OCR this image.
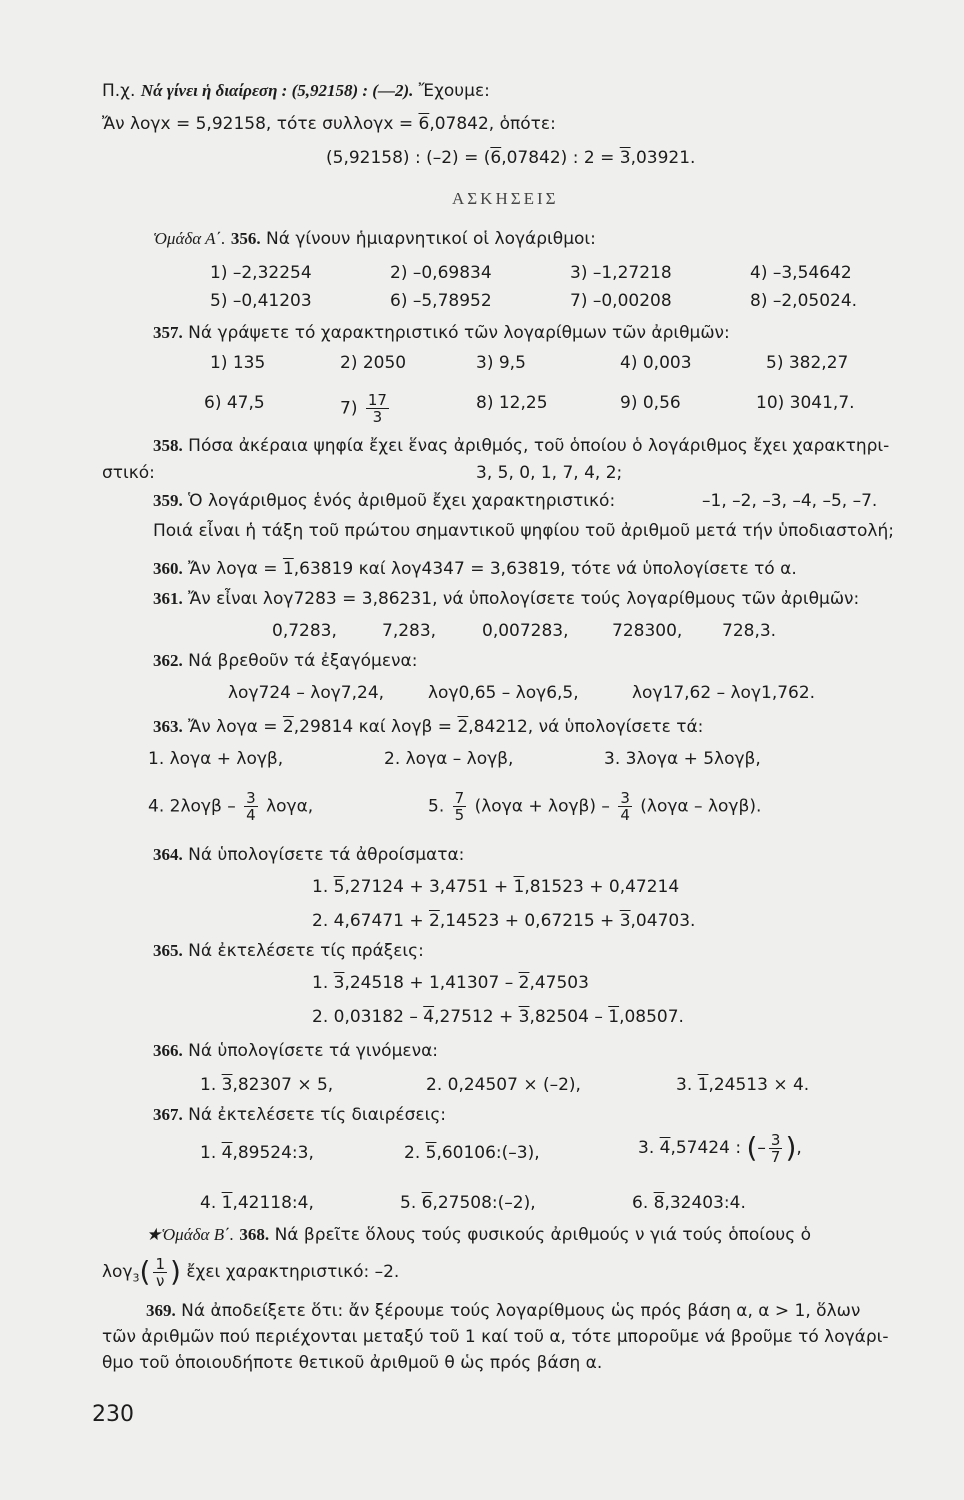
Π.χ. Νά γίνει ἡ διαίρεση : (5,92158) : (—2). Ἔχουμε:
Ἄν λογx = 5,92158, τότε συλλογx = 6,07842, ὁπότε:
(5,92158) : (–2) = (6,07842) : 2 = 3,03921.
ΑΣΚΗΣΕΙΣ
Ὁμάδα Α΄. 356. Νά γίνουν ἡμιαρνητικοί οἱ λογάριθμοι:
1) –2,32254	2) –0,69834	3) –1,27218	4) –3,54642
5) –0,41203	6) –5,78952	7) –0,00208	8) –2,05024.
357. Νά γράψετε τό χαρακτηριστικό τῶν λογαρίθμων τῶν ἀριθμῶν:
1) 135	2) 2050	3) 9,5	4) 0,003	5) 382,27
6) 47,5	$7) \frac{17}{3}$	8) 12,25	9) 0,56	10) 3041,7.
358. Πόσα ἀκέραια ψηφία ἔχει ἕνας ἀριθμός, τοῦ ὁποίου ὁ λογάριθμος ἔχει χαρακτηρι-
στικό:	3, 5, 0, 1, 7, 4, 2;
359. Ὁ λογάριθμος ἑνός ἀριθμοῦ ἔχει χαρακτηριστικό:	–1, –2, –3, –4, –5, –7.
Ποιά εἶναι ἡ τάξη τοῦ πρώτου σημαντικοῦ ψηφίου τοῦ ἀριθμοῦ μετά τήν ὑποδιαστολή;
360. Ἄν λογα = 1,63819 καί λογ4347 = 3,63819, τότε νά ὑπολογίσετε τό α.
361. Ἄν εἶναι λογ7283 = 3,86231, νά ὑπολογίσετε τούς λογαρίθμους τῶν ἀριθμῶν:
0,7283,	7,283,	0,007283,	728300, 728,3.
362. Νά βρεθοῦν τά ἐξαγόμενα:
λογ724 – λογ7,24,	λογ0,65 – λογ6,5,	λογ17,62 – λογ1,762.
363. Ἄν λογα = 2,29814 καί λογβ = 2,84212, νά ὑπολογίσετε τά:
1. λογα + λογβ,	2. λογα – λογβ,	3. 3λογα + 5λογβ,
4. $2\lambda o\gamma\beta - \frac{3}{4} \lambda o\gamma\alpha$,	5. $\frac{7}{5} (\lambda o\gamma\alpha + \lambda o\gamma\beta) - \frac{3}{4} (\lambda o\gamma\alpha - \lambda o\gamma\beta)$.
364. Νά ὑπολογίσετε τά ἀθροίσματα:
1. 5,27124 + 3,4751 + 1,81523 + 0,47214
2. 4,67471 + 2,14523 + 0,67215 + 3,04703.
365. Νά ἐκτελέσετε τίς πράξεις:
1. 3,24518 + 1,41307 – 2,47503
2. 0,03182 – 4,27512 + 3,82504 – 1,08507.
366. Νά ὑπολογίσετε τά γινόμενα:
1. 3,82307 × 5,	2. 0,24507 × (–2),	3. 1,24513 × 4.
367. Νά ἐκτελέσετε τίς διαιρέσεις:
1. 4,89524:3,	2. 5,60106:(–3),	3. 4,57424 : (– $\frac{3}{7}$ ),
4. 1,42118:4,	5. 6,27508:(–2),	6. 8,32403:4.
★Ὁμάδα Β΄. 368. Νά βρεῖτε ὅλους τούς φυσικούς ἀριθμούς ν γιά τούς ὁποίους ὁ
$\lambda o\gamma_3( \frac{1}{\nu}$ ) ἔχει χαρακτηριστικό: –2.
369. Νά ἀποδείξετε ὅτι: ἄν ξέρουμε τούς λογαρίθμους ὡς πρός βάση α, α > 1, ὅλων
τῶν ἀριθμῶν πού περιέχονται μεταξύ τοῦ 1 καί τοῦ α, τότε μποροῦμε νά βροῦμε τό λογάρι-
θμο τοῦ ὁποιουδήποτε θετικοῦ ἀριθμοῦ θ ὡς πρός βάση α.
230
